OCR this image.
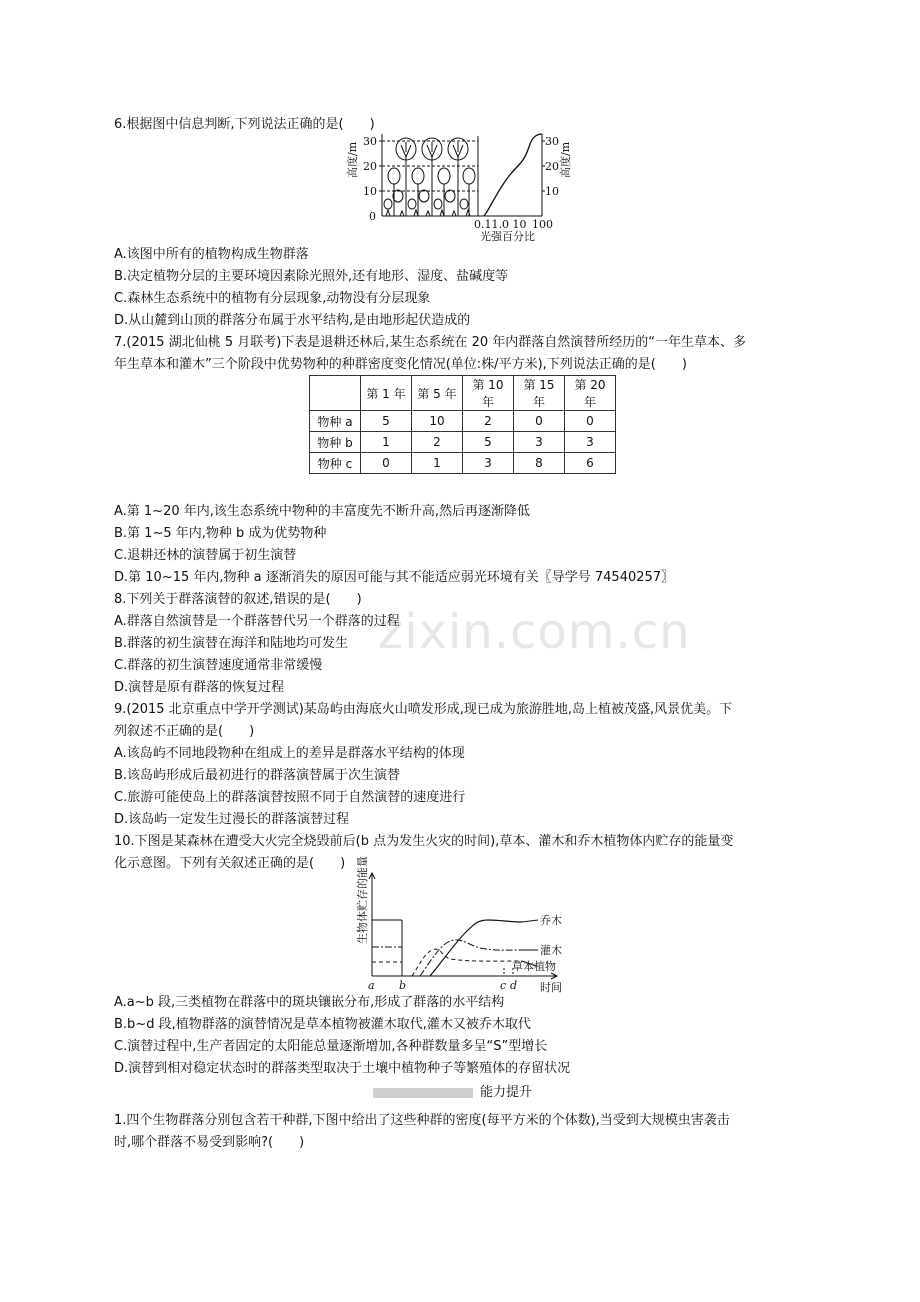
zixin.com.cn
6.根据图中信息判断,下列说法正确的是(　　)
30
20
10
0
30
20
10
0.11.0 10 100
光强百分比
高度/m	高度/m
A.该图中所有的植物构成生物群落
B.决定植物分层的主要环境因素除光照外,还有地形、湿度、盐碱度等
C.森林生态系统中的植物有分层现象,动物没有分层现象
D.从山麓到山顶的群落分布属于水平结构,是由地形起伏造成的
7.(2015 湖北仙桃 5 月联考)下表是退耕还林后,某生态系统在 20 年内群落自然演替所经历的“一年生草本、多
年生草本和灌木”三个阶段中优势物种的种群密度变化情况(单位:株/平方米),下列说法正确的是(　　)
	第 1 年	第 5 年	第 10 年	第 15 年	第 20 年
物种 a	5	10	2	0	0
物种 b	1	2	5	3	3
物种 c	0	1	3	8	6
A.第 1~20 年内,该生态系统中物种的丰富度先不断升高,然后再逐渐降低
B.第 1~5 年内,物种 b 成为优势物种
C.退耕还林的演替属于初生演替
D.第 10~15 年内,物种 a 逐渐消失的原因可能与其不能适应弱光环境有关〖导学号 74540257〗
8.下列关于群落演替的叙述,错误的是(　　)
A.群落自然演替是一个群落替代另一个群落的过程
B.群落的初生演替在海洋和陆地均可发生
C.群落的初生演替速度通常非常缓慢
D.演替是原有群落的恢复过程
9.(2015 北京重点中学开学测试)某岛屿由海底火山喷发形成,现已成为旅游胜地,岛上植被茂盛,风景优美。下
列叙述不正确的是(　　)
A.该岛屿不同地段物种在组成上的差异是群落水平结构的体现
B.该岛屿形成后最初进行的群落演替属于次生演替
C.旅游可能使岛上的群落演替按照不同于自然演替的速度进行
D.该岛屿一定发生过漫长的群落演替过程
10.下图是某森林在遭受大火完全烧毁前后(b 点为发生火灾的时间),草本、灌木和乔木植物体内贮存的能量变
化示意图。下列有关叙述正确的是(　　) 生物体贮存的能量
a b	c d 时间
乔木
灌木
草本植物
A.a~b 段,三类植物在群落中的斑块镶嵌分布,形成了群落的水平结构
B.b~d 段,植物群落的演替情况是草本植物被灌木取代,灌木又被乔木取代
C.演替过程中,生产者固定的太阳能总量逐渐增加,各种群数量多呈“S”型增长
D.演替到相对稳定状态时的群落类型取决于土壤中植物种子等繁殖体的存留状况
能力提升
1.四个生物群落分别包含若干种群,下图中给出了这些种群的密度(每平方米的个体数),当受到大规模虫害袭击
时,哪个群落不易受到影响?(　　)
